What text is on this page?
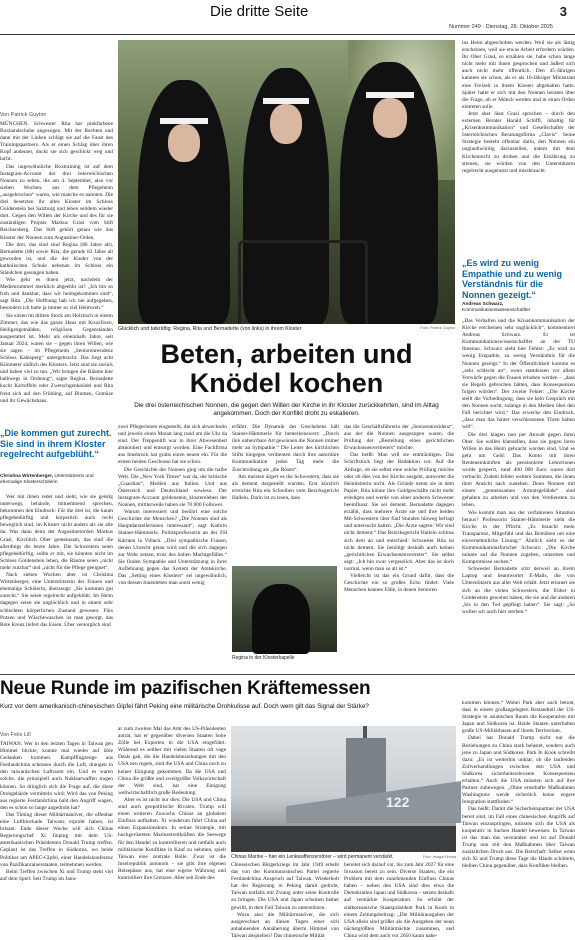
Die dritte Seite
Nummer 249 · Dienstag, 28. Oktober 2025
3
Von Patrick Guyton

MÜNCHEN. Schwester Rita hat pinkfarbene Boxhandschuhe angezogen. Mit der Rechten und dann mit der Linken schlägt sie auf die Faust des Trainingspartners. Als er einen Schlag über ihren Kopf andeutet, duckt sie sich geschickt weg und lacht.

Das ungewöhnliche Boxtraining ist auf dem Instagram-Account der drei österreichischen Nonnen zu sehen, die am 4. September, also vor sieben Wochen, aus dem Pflegeheim „ausgebrochen“ waren, wie manche es nannten. Die drei besetzten ihr altes Kloster im Schloss Goldenstein bei Salzburg und leben seitdem wieder dort. Gegen den Willen der Kirche und des für sie zuständigen Propsts Markus Grasl vom Stift Reichersberg. Das Stift gehört genau wie das Kloster der Nonnen zum Augustiner-Orden.

Die drei, das sind sind Regina (86 Jahre alt), Bernadette (88) sowie Rita, die gerade 82 Jahre alt geworden ist, und die der Kinder von der katholischen Schule nebenan im Schloss ein Ständchen gesungen haben.

Wie geht es ihnen jetzt, nachdem der Medienrummel merklich abgeebbt ist? „Ich bin so froh und dankbar, dass wir heimgekommen sind“, sagt Rita. „Die Hoffnung hab ich nie aufgegeben, besonders ich hatte ja immer so viel Heimweh.“

Sie sitzen im dritten Stock am Holztisch in einem Zimmer, das wie das ganze Haus mit Kruzifixen, Heiligengemälden, religiösen Gegenständen ausgestattet ist. Mehr als eineinhalb Jahre, seit Januar 2024, waren sie – gegen ihren Willen, wie sie sagen – im Pflegeheim „Seniorenresidenz Schloss Kahlsperg“ untergebracht. Das liegt acht Kilometer südlich des Klosters. Jetzt sind sie zurück und haben viel zu tun. „Wir bringen die Räume hier halbwegs in Ordnung“, sagte Regina. Bernadette kocht Kartoffeln oder Zwetschgenknödel und Rita freut sich auf den Frühling, auf Blumen, Gemüse und ihr Gewächshaus.

„Die kommen gut zurecht. Sie sind in ihrem Kloster regelrecht aufgeblüht.“
Christina Wirtenberger, Unterstützerin und ehemalige Klosterschülerin

Wer mit ihnen redet und sieht, wie sie geistig unterwegs, behände, mitnehmend sprechen, bekommen den Eindruck: Für die drei ist, die kaum pflegebedürftig und körperlich auch recht beweglich sind, im Kloster nicht anders als sie alle da. Was dann denn der Augustinerorden Markus Grasl, Kirchlich Ober gemeinsam, das sind die allerdings die letzte Jahre. Die Schwestern seien pflegebedürftig, sollte er mit, sie könnten nicht im Schloss Goldenstein leben, die Räume seien „nicht mehr nutzbar“ und „nicht für die Pflege geeignet“.

Nach sieben Wochen aber ist Christina Wirtenberger, eine Unterstützerin der Frauen und ehemalige Schülerin, überzeugt: „Sie kommen gut zurecht.“ Sie seien regelrecht aufgeblüht. Im Heim dagegen seien sie unglücklich und in einem sehr schlechten körperlichen Zustand gewesen. Fürs Putzen und Wäschewaschen ist man gesorgt, das Rote Kreuz liefert das Essen. Über versorglich sind

Glücklich und tatkräftig: Regina, Rita und Bernadette (von links) in ihrem Kloster	Foto: Patrick Guyton
„Es wird zu wenig Empathie und zu wenig Verständnis für die Nonnen gezeigt.“
Andreas Schwarz,
Kommunikationswissenschaftler

ins Heim abgeschoben werden. Weil sie als lästig erscheinen, weil sie etwas Arbeit erfordern würden. Ihr Ober Grasl, so erzählen sie, habe schon lange nicht mehr mit ihnen gesprochen und äußert sich auch nicht mehr öffentlich. Den 45-Jährigen kannten sie schon, als er als 16-Jähriger Ministrant eine Freizeit in ihrem Kloster abgehalten hatte. Später hatte er sich mit den Nonnen beraten über die Frage, ob er Mönch werden und in einen Orden eintreten solle.

Jetzt aber lässt Grasl sprechen – durch den externen Berater Harald Schiffl, inhaltig für „Krisenkommunikation“ und Gesellschafter der österreichischen Beratungsfirma „Clavis“. Seine Strategie besteht offenbar darin, den Nonnen ein unglaubwürdig darzustellen, indem mit dem Kirchenrecht zu drohen und die Ernährung zu streuen, sie würden von den Unterstützern regelrecht ausgenutzt und missbraucht.

„Das Verhalten und die Krisenkommunikation der Kirche erscheinen sehr unglücklich“, kommentiert Andreas Schwarz. Er ist Kommunikationswissenschaftler an der TU Ilmenau. Schwarz sieht hier Fehler: „Es wird zu wenig Empathie, zu wenig Verständnis für die Nonnen gezeigt.“ In der Öffentlichkeit komme es „sehr schlecht an“, wenn stattdessen vor allem Vorwürfe gegen die Frauen erhoben werden – „dass sie Regeln gebrochen hätten, dass Konsequenzen folgen würden“. Der zweite Fehler: „Die Kirche stellt die Vorbedingung, dass sie kein Gespräch mit den Nonnen sucht, solange in den Medien über den Fall berichtet wird.“ Das erwecke den Eindruck, „dass man das hinter verschlossenen Türen halten will“.

Die drei klagen nun per Anwalt gegen ihren Ober. Sie wollen klarstellen, dass sie gegen ihren Willen in das Heim gebracht worden sind. Und es geht um Geld: Das Konto mit ihren Renteneinkünften als pensionierte Lehrerinnen wurde gesperrt, rund 400 000 Euro waren dort verbucht. Zudem fehlen weitere Summen, die ihnen ihrer Ansicht nach zustehen. Denn Nonnen mit einem „gemeinsamen Armutsgelübde“ sind gehalten zu arbeiten und von den Verdiensten zu leben.

Wie kommt man aus der verfahrenen Situation heraus? Professorin Stainer-Hämmerle sieht die Kirche in der Pflicht: „Es braucht mehr Transparenz, Mitgefühl und das Bemühen um eine einvernehmliche Lösung.“ Ähnlich sieht es der Kommunikationsforscher Schwarz: „Die Kirche müsste auf die Nonnen zugehen, umarmen und Kompromisse suchen.“

Schwester Bernadette sitzt derweil an ihrem Laptop und beantwortet E-Mails, die von Unterstützern aus aller Welt erhält. Jetzt erinnert sie sich an die vielen Schwestern, die früher in Goldenstein gewohnt haben, die sie und die anderen „bis in den Tod gepflegt haben“. Sie sagt: „So wollen wir auch hier sterben.“

Beten, arbeiten und Knödel kochen
Die drei österreichischen Nonnen, die gegen den Willen der Kirche in ihr Kloster zurückkehrten, sind im Alltag angekommen. Doch der Konflikt droht zu eskalieren.

zwei Pflegerinnen eingestellt, die sich abwechseln und jeweils einen Monat lang rund um die Uhr da sind. Der Treppenlift war in ihrer Abwesenheit abmontiert und entsorgt worden. Eine Fachfirma aus Innsbruck hat gratis einen neuen ein. Für die ersten beiden Geschosse hat sie schon.

Die Geschichte der Nonnen ging um die halbe Welt. Die „New York Times“ war da, der britische „Guardian“, Medien aus Italien. Und aus Österreich und Deutschland sowieso. Der Instagram-Account goldenstein_klostereleben der Nonnen, mittlerweile haben sie 70 000 Follower.

Warum interessiert und berührt eine solche Geschichte die Menschen? „Die Nonnen sind als Hauptdarstellerinnen interessant“, sagt Kathrin Stainer-Hämmerle, Politikprofessorin an der FH Kärnten in Villach. „Drei sympathische Frauen, denen Unrecht getan wird und die sich dagegen zur Wehr setzen, trotz des hohen Machtgefälles.“ Sie finden Sympathie und Unterstützung in ihrer Auflehnung gegen das System der Amtskirche. Das „Setting eines Klosters“ sei ungewöhnlich, von dessen Innenleben man sonst wenig

erfährt. Die Dynamik des Geschehens hält Stainer-Hämmerle für bemerkenswert: „Durch ihre unbeirrbare Art gewinnen die Nonnen immer mehr an Sympathie.“ Die Leiter des kirchlichen Stifts hingegen verdienten durch ihre autoritäre Kommunikation jeden Tag mehr die Zuschreibung als „die Bösen“.

Am meisten ärgert es die Schwestern, dass sie als dement dargestellt wurden. Erst kürzlich erreichte Rita ein Schreiben vom Bezirksgericht Hallein. Darin ist zu lesen, dass

Regina in der Klosterkapelle

das die Geschäftsführerin der „Seniorenresidenz“, aus der die Nonnen ausgezogen waren, die Prüfung der „Bestellung eines gerichtlichen Erwachsenenvertreters“ möchte.

Das heißt: Man will sie entmündigen. Das Schriftstück liegt der Redaktion vor. Auf die Anfrage, ob sie selbst eine solche Prüfung möchte oder ob dies von der Kirche ausgeht, antwortet die Heimleiterin nicht. Als Gründe nennt sie in dem Papier, Rita könne ihre Geldgeschäfte nicht mehr erledigen und werde von einer anderen Schwester beeinflusst. Sie sei dement. Bernadette dagegen erzählt, dass mehrere Ärzte sie und ihre beiden Mit-Schwestern über fünf Stunden hinweg befragt und untersucht hatten. „Die Ärzte sagten: Wir sind nicht dement.“ Das Bezirksgericht Hallein schloss sich dem an und entschied: Schwester Rita ist nicht dement. Sie benötigt deshalb auch keinen „gerichtlichen Erwachsenenvertreter“. Sie selbst sagt: „Ich bin zwar vergesslich. Aber das ist doch normal, wenn man so alt ist.“

Vielleicht ist das ein Grund dafür, dass die Geschichte ein so großes Echo findet: Viele Menschen kennen Fälle, in denen Senioren

Neue Runde im pazifischen Kräftemessen
Kurz vor dem amerikanisch-chinesischen Gipfel fährt Peking eine militärische Drohkulisse auf. Doch wem gilt das Signal der Stärke?
Von Felix Lill

TAIWAN. Wer in den letzten Tagen in Taiwan gen Himmel blickte, konnte mal wieder auf üble Gedanken kommen. Kampfflugzeuge aus Festlandchina schossen durch die Luft, drangen in den taiwanischen Luftraum ein. Und es waren solche, die prinzipiell auch Nuklearwaffen tragen können. So dringlich sich die Frage auf, die diese Drohgebärde vermitteln wird: Wird das von Peking aus regierte Festlandchina bald den Angriff wagen, den es schon so lange angedroht hat?

Das Timing dieser Militärmanöver, die offenbar eine Luftblockade Taiwans erprobt haben, ist brisant. Ende dieser Woche will sich Chinas Regierungschef Xi Jinping mit dem US-amerikanischen Präsidenten Donald Trump treffen. Geplant ist das Treffen in Südkorea, wo beide Politiker am APEC-Gipfel, einer Handelskonferenz von Pazifikanrainerstaaten, teilnehmen werden.

Beim Treffen zwischen Xi und Trump steht viel auf dem Spiel: Seit Trump im Janu-

ar zum zweiten Mal das Amt des US-Präsidenten antrat, hat er gegenüber diversen Staaten hohe Zölle bei Exporten in die USA eingeführt. Während es seither mit vielen Staaten oft vage Deals gab, die die Handelsbeziehungen mit den USA neu regeln, sind die USA und China noch zu keiner Einigung gekommen. Da die USA und China die größte und zweitgrößte Volkswirtschaft der Welt sind, hat eine Einigung weltwirtschaftlich große Bedeutung.

Aber es ist nicht nur dies: Die USA und China sind auch geopolitische Rivalen. Trump will einen weiteren Zuwachs Chinas an globalem Einfluss aufhalten. Xi wiederum führt China auf einen Expansionskurs. In seiner Strategie, mit hochgerüsteten Marinestreitkräften die Seewege für den Handel zu kontrollieren und notfalls auch militärische Konflikte in Kauf zu nehmen, spielt Taiwan eine zentrale Rolle. Zwar ist die Inselrepublik autonom – sie gibt ihre eigenen Reisepässe aus, hat eine eigene Währung und kontrolliert ihre Grenzen. Aber seit Ende des

122
Chinas Marine – hier ein Lenkwaffenzerstörer – wird permanent verstärkt.	Foto: Imago/Xinhua

Chinesischen Bürgerkriegs im Jahr 1949 erhebt das von der Kommunistischen Partei regierte Festlandchina Anspruch auf Taiwan. Wiederholt hat der Regierung in Peking damit gedroht, Taiwan notfalls mit Zwang unter seine Kontrolle zu bringen. Die USA und Japan scheinen bisher gewillt, in dem Fall Taiwan zu unterstützen.

Wozu also die Militärmanöver, die sich ausgerechnet an diesen Tagen einer sich anbahnenden Annäherung überm Himmel von Taiwan abspielten? Das chinesische Militär

bereitet sich darauf vor, bis zum Jahr 2027 für eine Invasion bereit zu sein. Diverse Staaten, die ein Problem mit dem zunehmenden Einfluss Chinas haben – neben den USA sind dies etwa die Demokratien Japan und Südkorea – setzen deshalb auf verstärkte Kooperation. So erhöht der südkoreanische Staatspräsident Park in Kooh in einem Zeitungsbeitrag: „Die Militärausgaben der USA allein sind größer als die Ausgaben der neun nächstgrößten Militärmächte zusammen, und China wird dem auch vor 2050 kaum nahe-

kommen können.“ Wobei Park aber auch betont, dass in einem großangelegten Bestandteil der US-Strategie in asiatischen Raum die Kooperation mit Japan und Südkorea ist. Beide Staaten unterhalten große US-Militärbasen auf ihrem Territorium.

Dabei hat Donald Trump nicht nur die Beziehungen zu China stark belastet, sondern auch jene zu Japan und Südkorea. Park In Kook schreibt dazu: „Es ist weiterhin unklar, ob die laufenden Zollverhandlungen zwischen den USA und Südkorea sicherheitsrelevante Konsequenzen erhalten.“ Auch die USA müssten sich auf ihre Partner zubewegen. „Ohne ernsthafte Maßnahmen Washingtons werde sicherlich keine engere Integration stattfinden.“

Das heißt: Damit die Sicherheitspartner der USA bereit sind, im Fall eines chinesischen Angriffs auf Taiwan einzuspringen, müssten sich die USA als kooperativ in Sachen Handel beweisen. In Taiwan ist das man das verstanden und ist auf Donald Trump nun mit den Maßnahmen über Taiwan zusätzlichen Druck aus. Die Botschaft: Selbst wenn sich Xi und Trump diese Tage die Hände schütteln, bleiben China gegenüber, dass Konflikte bleiben.
